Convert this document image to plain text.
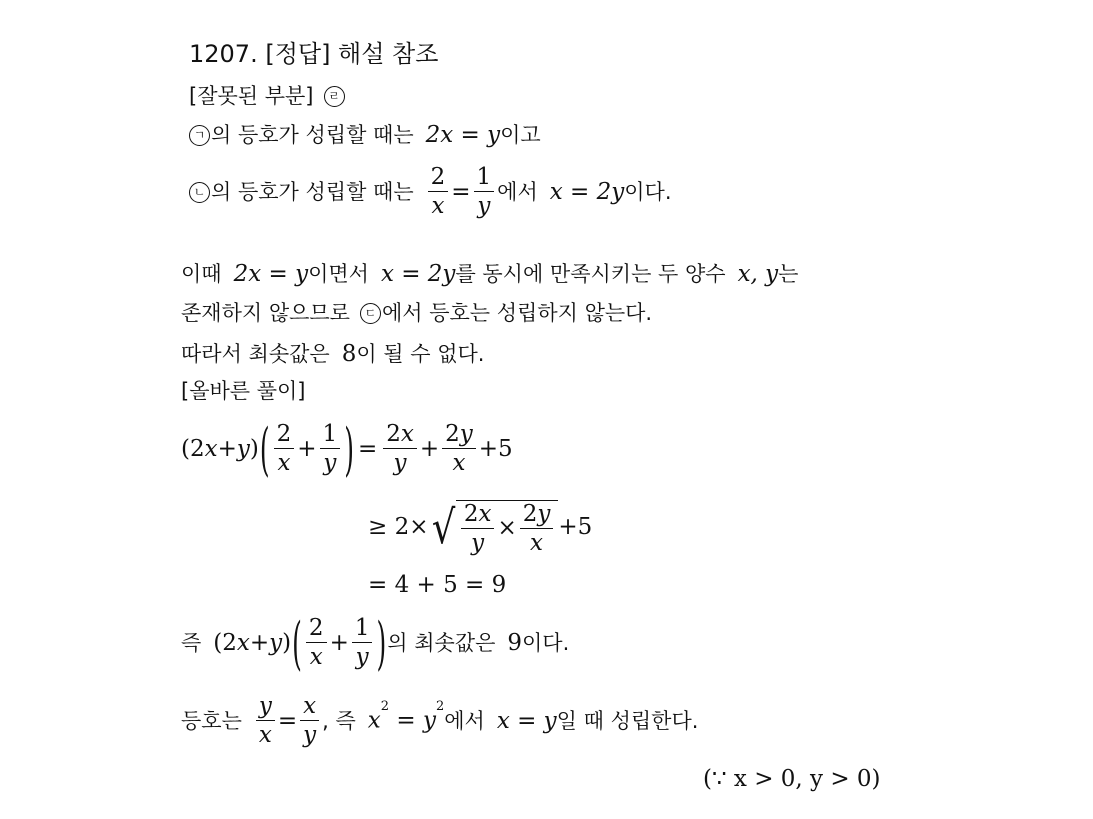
1207. [정답] 해설 참조
[잘못된 부분]	ㄹ
ㄱ 의 등호가 성립할 때는 2x = y 이고
ㄴ 의 등호가 성립할 때는 $\frac{2}{x} = \frac{1}{y}$ 에서 x = 2y 이다.
이때 2x = y 이면서 x = 2y 를 동시에 만족시키는 두 양수 x, y 는
존재하지 않으므로	ㄷ 에서 등호는 성립하지 않는다.
따라서 최솟값은 8 이 될 수 없다.
[올바른 풀이]
(2x+y) ( $\frac{2}{x} + \frac{1}{y}$ ) = $\frac{2x}{y} + \frac{2y}{x} +5$
≥ 2× √ $\frac{2x}{y} \times \frac{2y}{x} +5$
= 4 + 5 = 9
즉 (2x+y) ( $\frac{2}{x} + \frac{1}{y}$ ) 의 최솟값은 9 이다.
등호는 $\frac{y}{x} = \frac{x}{y}$ , 즉 $x^2 = y^2$
에서 x = y 일 때 성립한다.
(∵ x > 0, y > 0)
